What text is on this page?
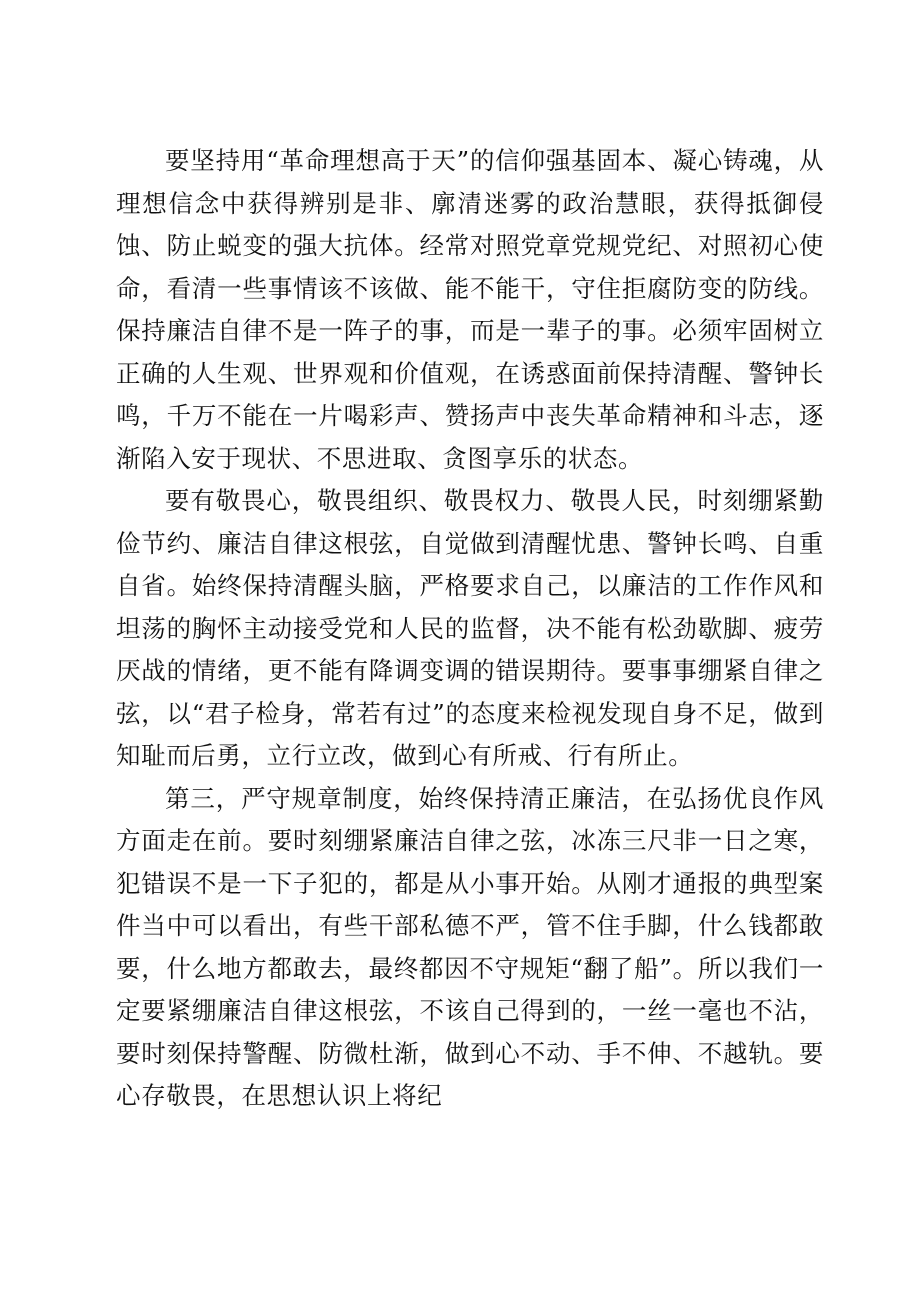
要坚持用“革命理想高于天”的信仰强基固本、凝心铸魂，从理想信念中获得辨别是非、廓清迷雾的政治慧眼，获得抵御侵蚀、防止蜕变的强大抗体。经常对照党章党规党纪、对照初心使命，看清一些事情该不该做、能不能干，守住拒腐防变的防线。保持廉洁自律不是一阵子的事，而是一辈子的事。必须牢固树立正确的人生观、世界观和价值观，在诱惑面前保持清醒、警钟长鸣，千万不能在一片喝彩声、赞扬声中丧失革命精神和斗志，逐渐陷入安于现状、不思进取、贪图享乐的状态。

要有敬畏心，敬畏组织、敬畏权力、敬畏人民，时刻绷紧勤俭节约、廉洁自律这根弦，自觉做到清醒忧患、警钟长鸣、自重自省。始终保持清醒头脑，严格要求自己，以廉洁的工作作风和坦荡的胸怀主动接受党和人民的监督，决不能有松劲歇脚、疲劳厌战的情绪，更不能有降调变调的错误期待。要事事绷紧自律之弦，以“君子检身，常若有过”的态度来检视发现自身不足，做到知耻而后勇，立行立改，做到心有所戒、行有所止。

第三，严守规章制度，始终保持清正廉洁，在弘扬优良作风方面走在前。要时刻绷紧廉洁自律之弦，冰冻三尺非一日之寒，犯错误不是一下子犯的，都是从小事开始。从刚才通报的典型案件当中可以看出，有些干部私德不严，管不住手脚，什么钱都敢要，什么地方都敢去，最终都因不守规矩“翻了船”。所以我们一定要紧绷廉洁自律这根弦，不该自己得到的，一丝一毫也不沾，要时刻保持警醒、防微杜渐，做到心不动、手不伸、不越轨。要心存敬畏，在思想认识上将纪
